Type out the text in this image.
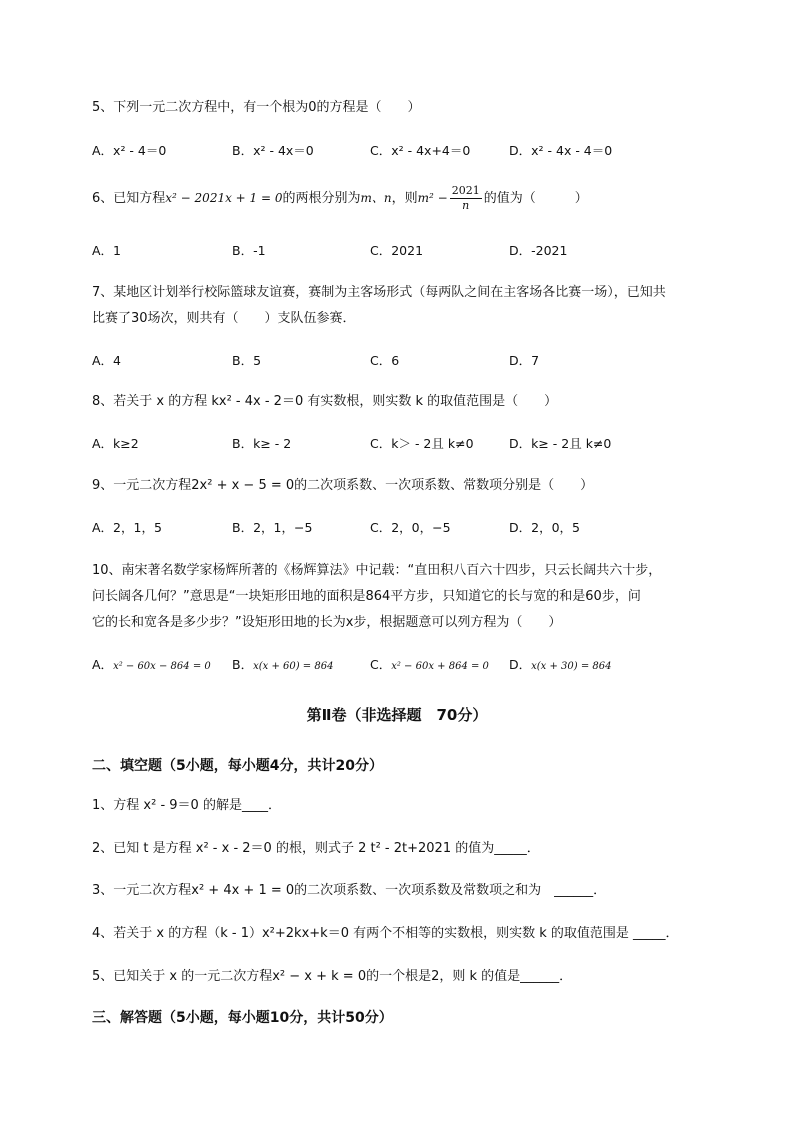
5、下列一元二次方程中，有一个根为0的方程是（　　）
A．x² - 4＝0	B．x² - 4x＝0	C．x² - 4x+4＝0	D．x² - 4x - 4＝0
6、已知方程x² − 2021x + 1 = 0的两根分别为m、n，则$m^2 - \frac{2021}{n}$ 的值为（　　　）
A．1	B．-1	C．2021	D．-2021
7、某地区计划举行校际篮球友谊赛，赛制为主客场形式（每两队之间在主客场各比赛一场），已知共
比赛了30场次，则共有（　　）支队伍参赛．
A．4	B．5	C．6	D．7
8、若关于 x 的方程 kx² - 4x - 2＝0 有实数根，则实数 k 的取值范围是（　　）
A．k≥2	B．k≥ - 2	C．k＞ - 2且 k≠0	D．k≥ - 2且 k≠0
9、一元二次方程2x² + x − 5 = 0的二次项系数、一次项系数、常数项分别是（　　）
A．2，1，5	B．2，1，−5	C．2，0，−5	D．2，0，5
10、南宋著名数学家杨辉所著的《杨辉算法》中记载：“直田积八百六十四步，只云长阔共六十步，
问长阔各几何？”意思是“一块矩形田地的面积是864平方步，只知道它的长与宽的和是60步，问
它的长和宽各是多少步？”设矩形田地的长为x步，根据题意可以列方程为（　　）
A．x² − 60x − 864 = 0 B．x(x + 60) = 864	C．x² − 60x + 864 = 0 D．x(x + 30) = 864
第Ⅱ卷（非选择题　70分）
二、填空题（5小题，每小题4分，共计20分）
1、方程 x² - 9＝0 的解是____．
2、已知 t 是方程 x² - x - 2＝0 的根，则式子 2 t² - 2t+2021 的值为_____．
3、一元二次方程x² + 4x + 1 = 0的二次项系数、一次项系数及常数项之和为　______．
4、若关于 x 的方程（k - 1）x²+2kx+k＝0 有两个不相等的实数根，则实数 k 的取值范围是 _____．
5、已知关于 x 的一元二次方程x² − x + k = 0的一个根是2，则 k 的值是______．
三、解答题（5小题，每小题10分，共计50分）
